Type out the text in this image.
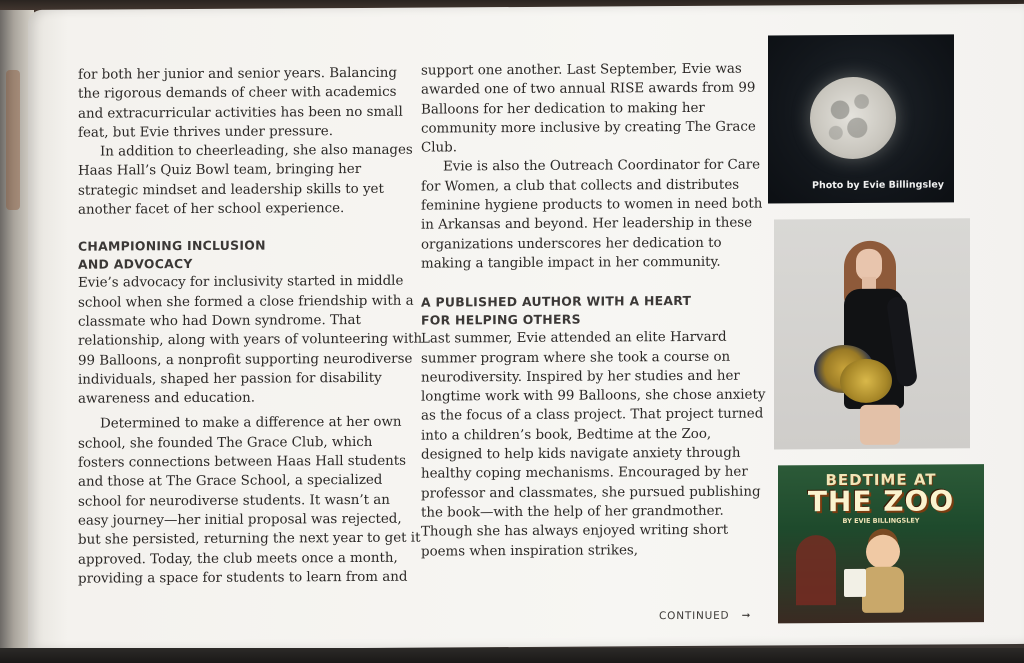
for both her junior and senior years. Balancing the rigorous demands of cheer with academics and extracurricular activities has been no small feat, but Evie thrives under pressure.

In addition to cheerleading, she also manages Haas Hall’s Quiz Bowl team, bringing her strategic mindset and leadership skills to yet another facet of her school experience.

CHAMPIONING INCLUSION
AND ADVOCACY

Evie’s advocacy for inclusivity started in middle school when she formed a close friendship with a classmate who had Down syndrome. That relationship, along with years of volunteering with 99 Balloons, a nonprofit supporting neurodiverse individuals, shaped her passion for disability awareness and education.

Determined to make a difference at her own school, she founded The Grace Club, which fosters connections between Haas Hall students and those at The Grace School, a specialized school for neurodiverse students. It wasn’t an easy journey—her initial proposal was rejected, but she persisted, returning the next year to get it approved. Today, the club meets once a month, providing a space for students to learn from and

support one another. Last September, Evie was awarded one of two annual RISE awards from 99 Balloons for her dedication to making her community more inclusive by creating The Grace Club.

Evie is also the Outreach Coordinator for Care for Women, a club that collects and distributes feminine hygiene products to women in need both in Arkansas and beyond. Her leadership in these organizations underscores her dedication to making a tangible impact in her community.

A PUBLISHED AUTHOR WITH A HEART
FOR HELPING OTHERS

Last summer, Evie attended an elite Harvard summer program where she took a course on neurodiversity. Inspired by her studies and her longtime work with 99 Balloons, she chose anxiety as the focus of a class project. That project turned into a children’s book, Bedtime at the Zoo, designed to help kids navigate anxiety through healthy coping mechanisms. Encouraged by her professor and classmates, she pursued publishing the book—with the help of her grandmother. Though she has always enjoyed writing short poems when inspiration strikes,

Photo by Evie Billingsley
BEDTIME AT
THE ZOO
BY EVIE BILLINGSLEY
CONTINUED ➞
